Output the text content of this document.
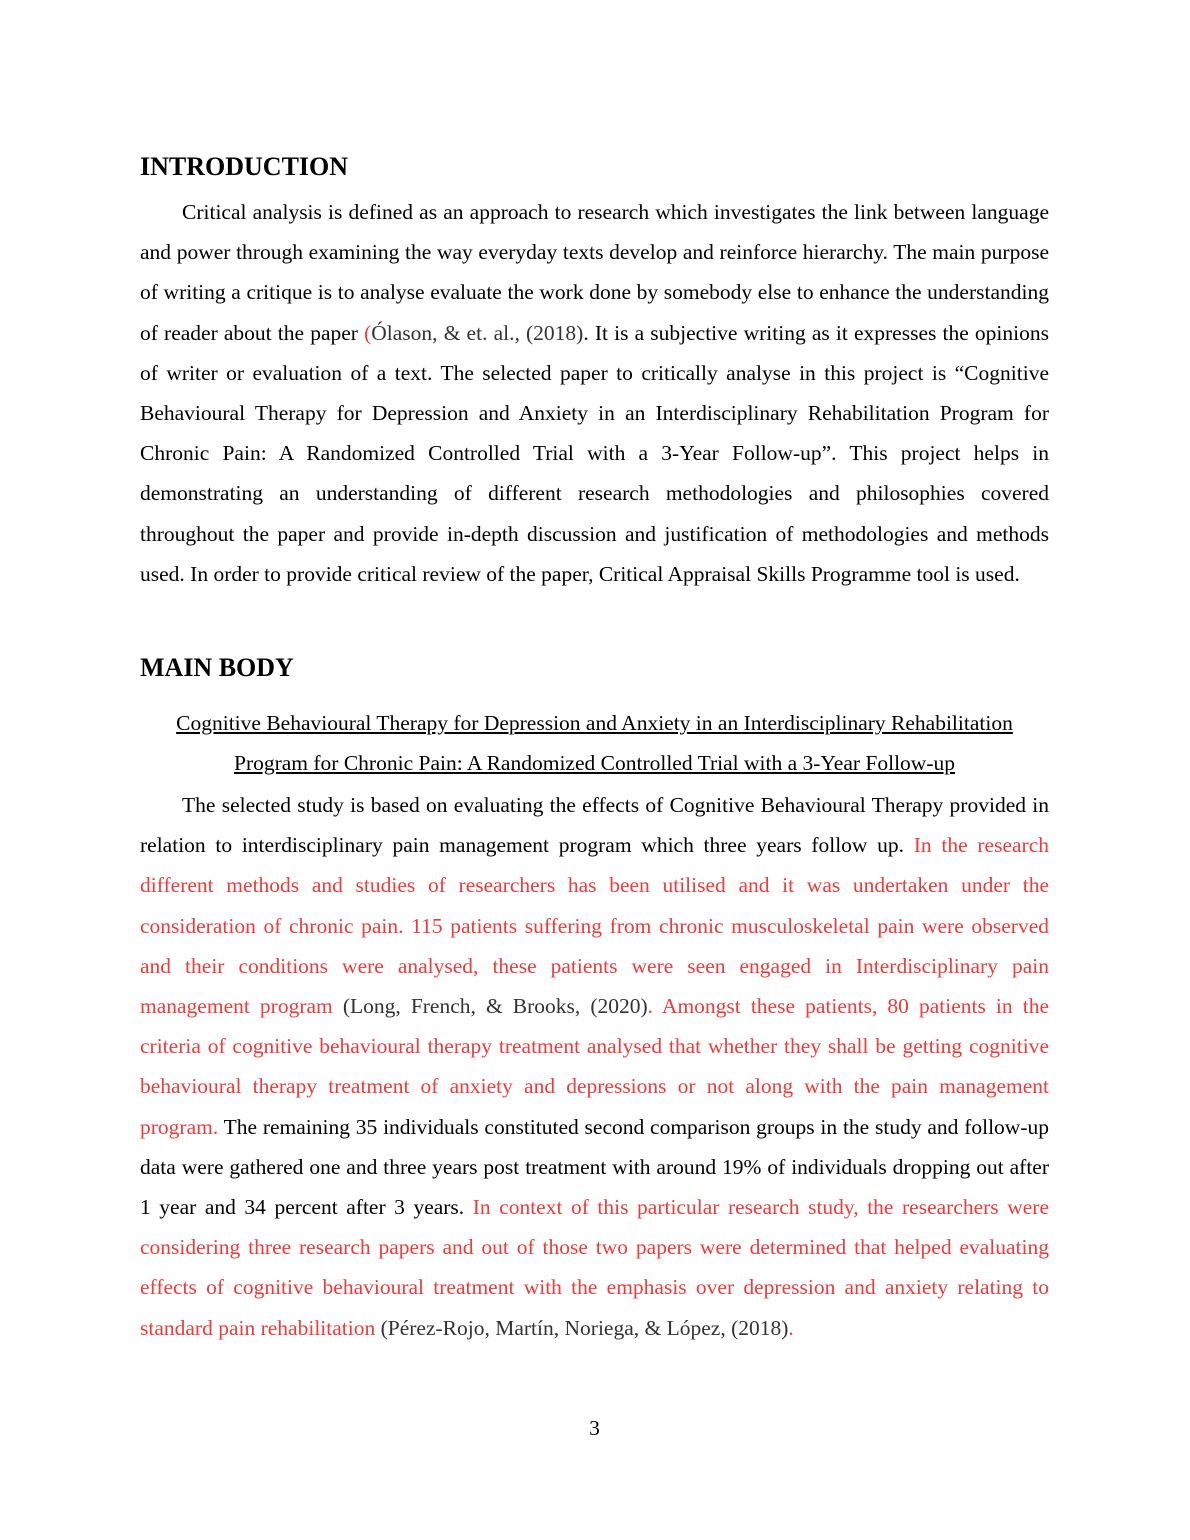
INTRODUCTION

Critical analysis is defined as an approach to research which investigates the link between language and power through examining the way everyday texts develop and reinforce hierarchy. The main purpose of writing a critique is to analyse evaluate the work done by somebody else to enhance the understanding of reader about the paper (Ólason, & et. al., (2018). It is a subjective writing as it expresses the opinions of writer or evaluation of a text. The selected paper to critically analyse in this project is “Cognitive Behavioural Therapy for Depression and Anxiety in an Interdisciplinary Rehabilitation Program for Chronic Pain: A Randomized Controlled Trial with a 3-Year Follow-up”. This project helps in demonstrating an understanding of different research methodologies and philosophies covered throughout the paper and provide in-depth discussion and justification of methodologies and methods used. In order to provide critical review of the paper, Critical Appraisal Skills Programme tool is used.

MAIN BODY

Cognitive Behavioural Therapy for Depression and Anxiety in an Interdisciplinary Rehabilitation Program for Chronic Pain: A Randomized Controlled Trial with a 3-Year Follow-up

The selected study is based on evaluating the effects of Cognitive Behavioural Therapy provided in relation to interdisciplinary pain management program which three years follow up. In the research different methods and studies of researchers has been utilised and it was undertaken under the consideration of chronic pain. 115 patients suffering from chronic musculoskeletal pain were observed and their conditions were analysed, these patients were seen engaged in Interdisciplinary pain management program (Long, French, & Brooks, (2020). Amongst these patients, 80 patients in the criteria of cognitive behavioural therapy treatment analysed that whether they shall be getting cognitive behavioural therapy treatment of anxiety and depressions or not along with the pain management program. The remaining 35 individuals constituted second comparison groups in the study and follow-up data were gathered one and three years post treatment with around 19% of individuals dropping out after 1 year and 34 percent after 3 years. In context of this particular research study, the researchers were considering three research papers and out of those two papers were determined that helped evaluating effects of cognitive behavioural treatment with the emphasis over depression and anxiety relating to standard pain rehabilitation (Pérez-Rojo, Martín, Noriega, & López, (2018).

3
